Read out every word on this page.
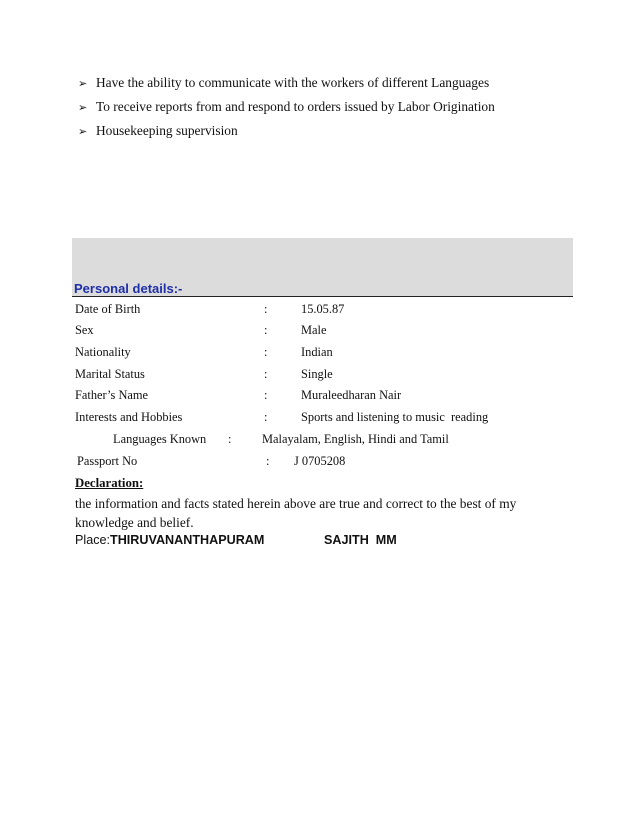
➢ Have the ability to communicate with the workers of different Languages
➢ To receive reports from and respond to orders issued by Labor Origination
➢ Housekeeping supervision
Personal details:-
Date of Birth	:	15.05.87
Sex	:	Male
Nationality	:	Indian
Marital Status	:	Single
Father’s Name	:	Muraleedharan Nair
Interests and Hobbies	:	Sports and listening to music  reading
Languages Known : Malayalam, English, Hindi and Tamil
Passport No	: J 0705208
Declaration:
the information and facts stated herein above are true and correct to the best of my knowledge and belief.
Place:THIRUVANANTHAPURAM	SAJITH  MM
